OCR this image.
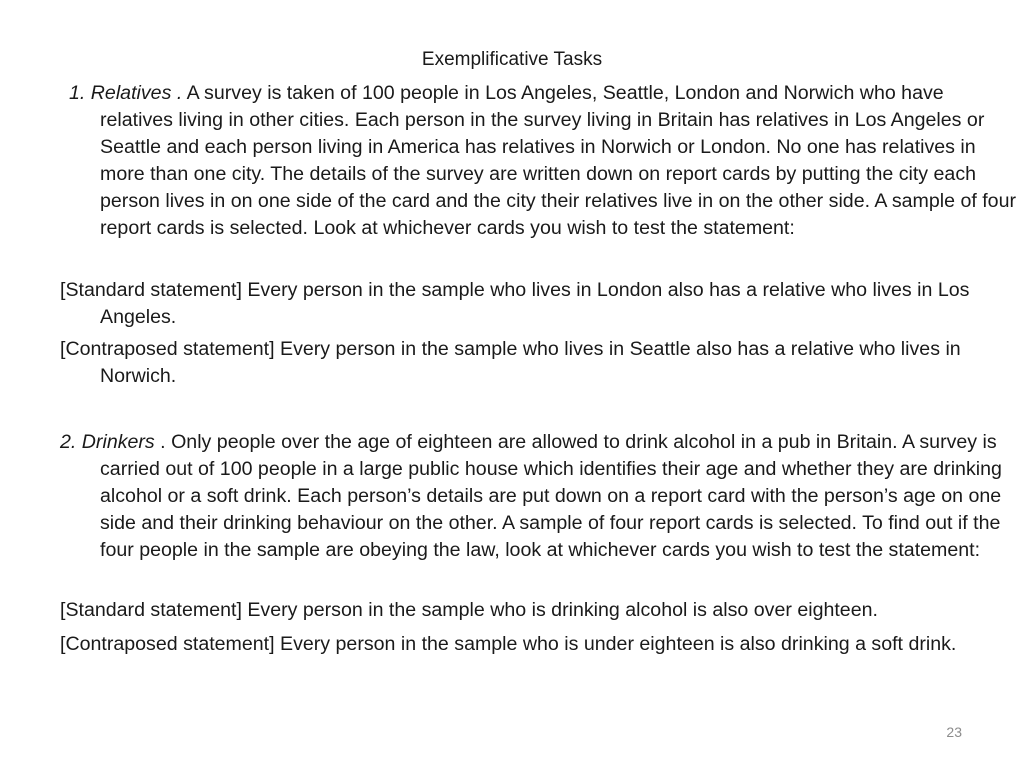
Exemplificative Tasks

1. Relatives . A survey is taken of 100 people in Los Angeles, Seattle, London and Norwich who have relatives living in other cities. Each person in the survey living in Britain has relatives in Los Angeles or Seattle and each person living in America has relatives in Norwich or London. No one has relatives in more than one city. The details of the survey are written down on report cards by putting the city each person lives in on one side of the card and the city their relatives live in on the other side. A sample of four report cards is selected. Look at whichever cards you wish to test the statement:

[Standard statement] Every person in the sample who lives in London also has a relative who lives in Los Angeles.

[Contraposed statement] Every person in the sample who lives in Seattle also has a relative who lives in Norwich.

2. Drinkers . Only people over the age of eighteen are allowed to drink alcohol in a pub in Britain. A survey is carried out of 100 people in a large public house which identifies their age and whether they are drinking alcohol or a soft drink. Each person’s details are put down on a report card with the person’s age on one side and their drinking behaviour on the other. A sample of four report cards is selected. To find out if the four people in the sample are obeying the law, look at whichever cards you wish to test the statement:

[Standard statement] Every person in the sample who is drinking alcohol is also over eighteen.

[Contraposed statement] Every person in the sample who is under eighteen is also drinking a soft drink.

23
